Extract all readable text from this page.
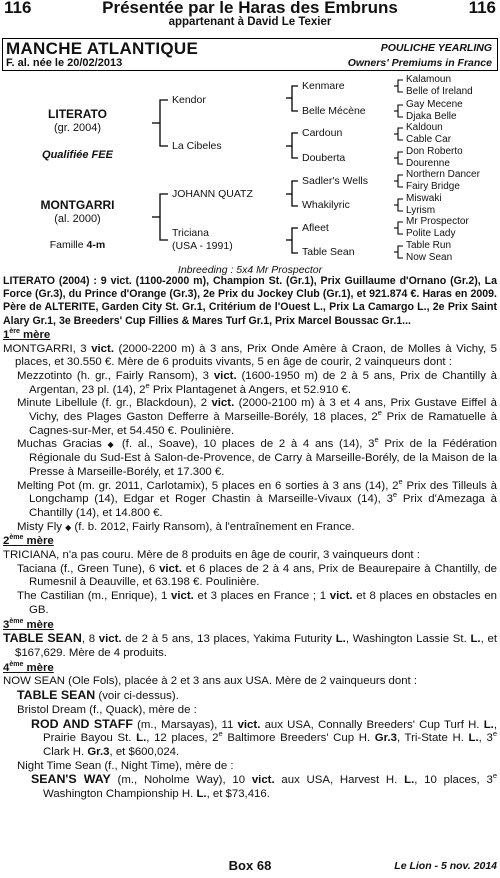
116	Présentée par le Haras des Embruns	116
appartenant à David Le Texier
MANCHE ATLANTIQUE
F. al. née le 20/02/2013
POULICHE YEARLING
Owners' Premiums in France
LITERATO
(gr. 2004)
Qualifiée FEE
MONTGARRI
(al. 2000)
Famille 4-m
Kendor
La Cibeles
JOHANN QUATZ
Triciana
(USA - 1991)
Kenmare
Belle Mécène
Cardoun
Douberta
Sadler's Wells
Whakilyric
Afleet
Table Sean
Kalamoun
Belle of Ireland
Gay Mecene
Djaka Belle
Kaldoun
Cable Car
Don Roberto
Dourenne
Northern Dancer
Fairy Bridge
Miswaki
Lyrism
Mr Prospector
Polite Lady
Table Run
Now Sean
Inbreeding : 5x4 Mr Prospector

LITERATO (2004) : 9 vict. (1100-2000 m), Champion St. (Gr.1), Prix Guillaume d'Ornano (Gr.2), La Force (Gr.3), du Prince d'Orange (Gr.3), 2e Prix du Jockey Club (Gr.1), et 921.874 €. Haras en 2009. Père de ALTERITE, Garden City St. Gr.1, Critérium de l'Ouest L., Prix La Camargo L., 2e Prix Saint Alary Gr.1, 3e Breeders' Cup Fillies & Mares Turf Gr.1, Prix Marcel Boussac Gr.1...

1ère mère

MONTGARRI, 3 vict. (2000-2200 m) à 3 ans, Prix Onde Amère à Craon, de Molles à Vichy, 5 places, et 30.550 €. Mère de 6 produits vivants, 5 en âge de courir, 2 vainqueurs dont :

Mezzotinto (h. gr., Fairly Ransom), 3 vict. (1600-1950 m) de 2 à 5 ans, Prix de Chantilly à Argentan, 23 pl. (14), 2e Prix Plantagenet à Angers, et 52.910 €.

Minute Libellule (f. gr., Blackdoun), 2 vict. (2000-2100 m) à 3 et 4 ans, Prix Gustave Eiffel à Vichy, des Plages Gaston Defferre à Marseille-Borély, 18 places, 2e Prix de Ramatuelle à Cagnes-sur-Mer, et 54.450 €. Poulinière.

Muchas Gracias ◆ (f. al., Soave), 10 places de 2 à 4 ans (14), 3e Prix de la Fédération Régionale du Sud-Est à Salon-de-Provence, de Carry à Marseille-Borély, de la Maison de la Presse à Marseille-Borély, et 17.300 €.

Melting Pot (m. gr. 2011, Carlotamix), 5 places en 6 sorties à 3 ans (14), 2e Prix des Tilleuls à Longchamp (14), Edgar et Roger Chastin à Marseille-Vivaux (14), 3e Prix d'Amezaga à Chantilly (14), et 14.800 €.

Misty Fly ◆ (f. b. 2012, Fairly Ransom), à l'entraînement en France.

2ème mère

TRICIANA, n'a pas couru. Mère de 8 produits en âge de courir, 3 vainqueurs dont :

Taciana (f., Green Tune), 6 vict. et 6 places de 2 à 4 ans, Prix de Beaurepaire à Chantilly, de Rumesnil à Deauville, et 63.198 €. Poulinière.

The Castilian (m., Enrique), 1 vict. et 3 places en France ; 1 vict. et 8 places en obstacles en GB.

3ème mère

TABLE SEAN, 8 vict. de 2 à 5 ans, 13 places, Yakima Futurity L., Washington Lassie St. L., et $167,629. Mère de 4 produits.

4ème mère

NOW SEAN (Ole Fols), placée à 2 et 3 ans aux USA. Mère de 2 vainqueurs dont :

TABLE SEAN (voir ci-dessus).

Bristol Dream (f., Quack), mère de :

ROD AND STAFF (m., Marsayas), 11 vict. aux USA, Connally Breeders' Cup Turf H. L., Prairie Bayou St. L., 12 places, 2e Baltimore Breeders' Cup H. Gr.3, Tri-State H. L., 3e Clark H. Gr.3, et $600,024.

Night Time Sean (f., Night Time), mère de :

SEAN'S WAY (m., Noholme Way), 10 vict. aux USA, Harvest H. L., 10 places, 3e Washington Championship H. L., et $73,416.

Box 68	Le Lion - 5 nov. 2014
